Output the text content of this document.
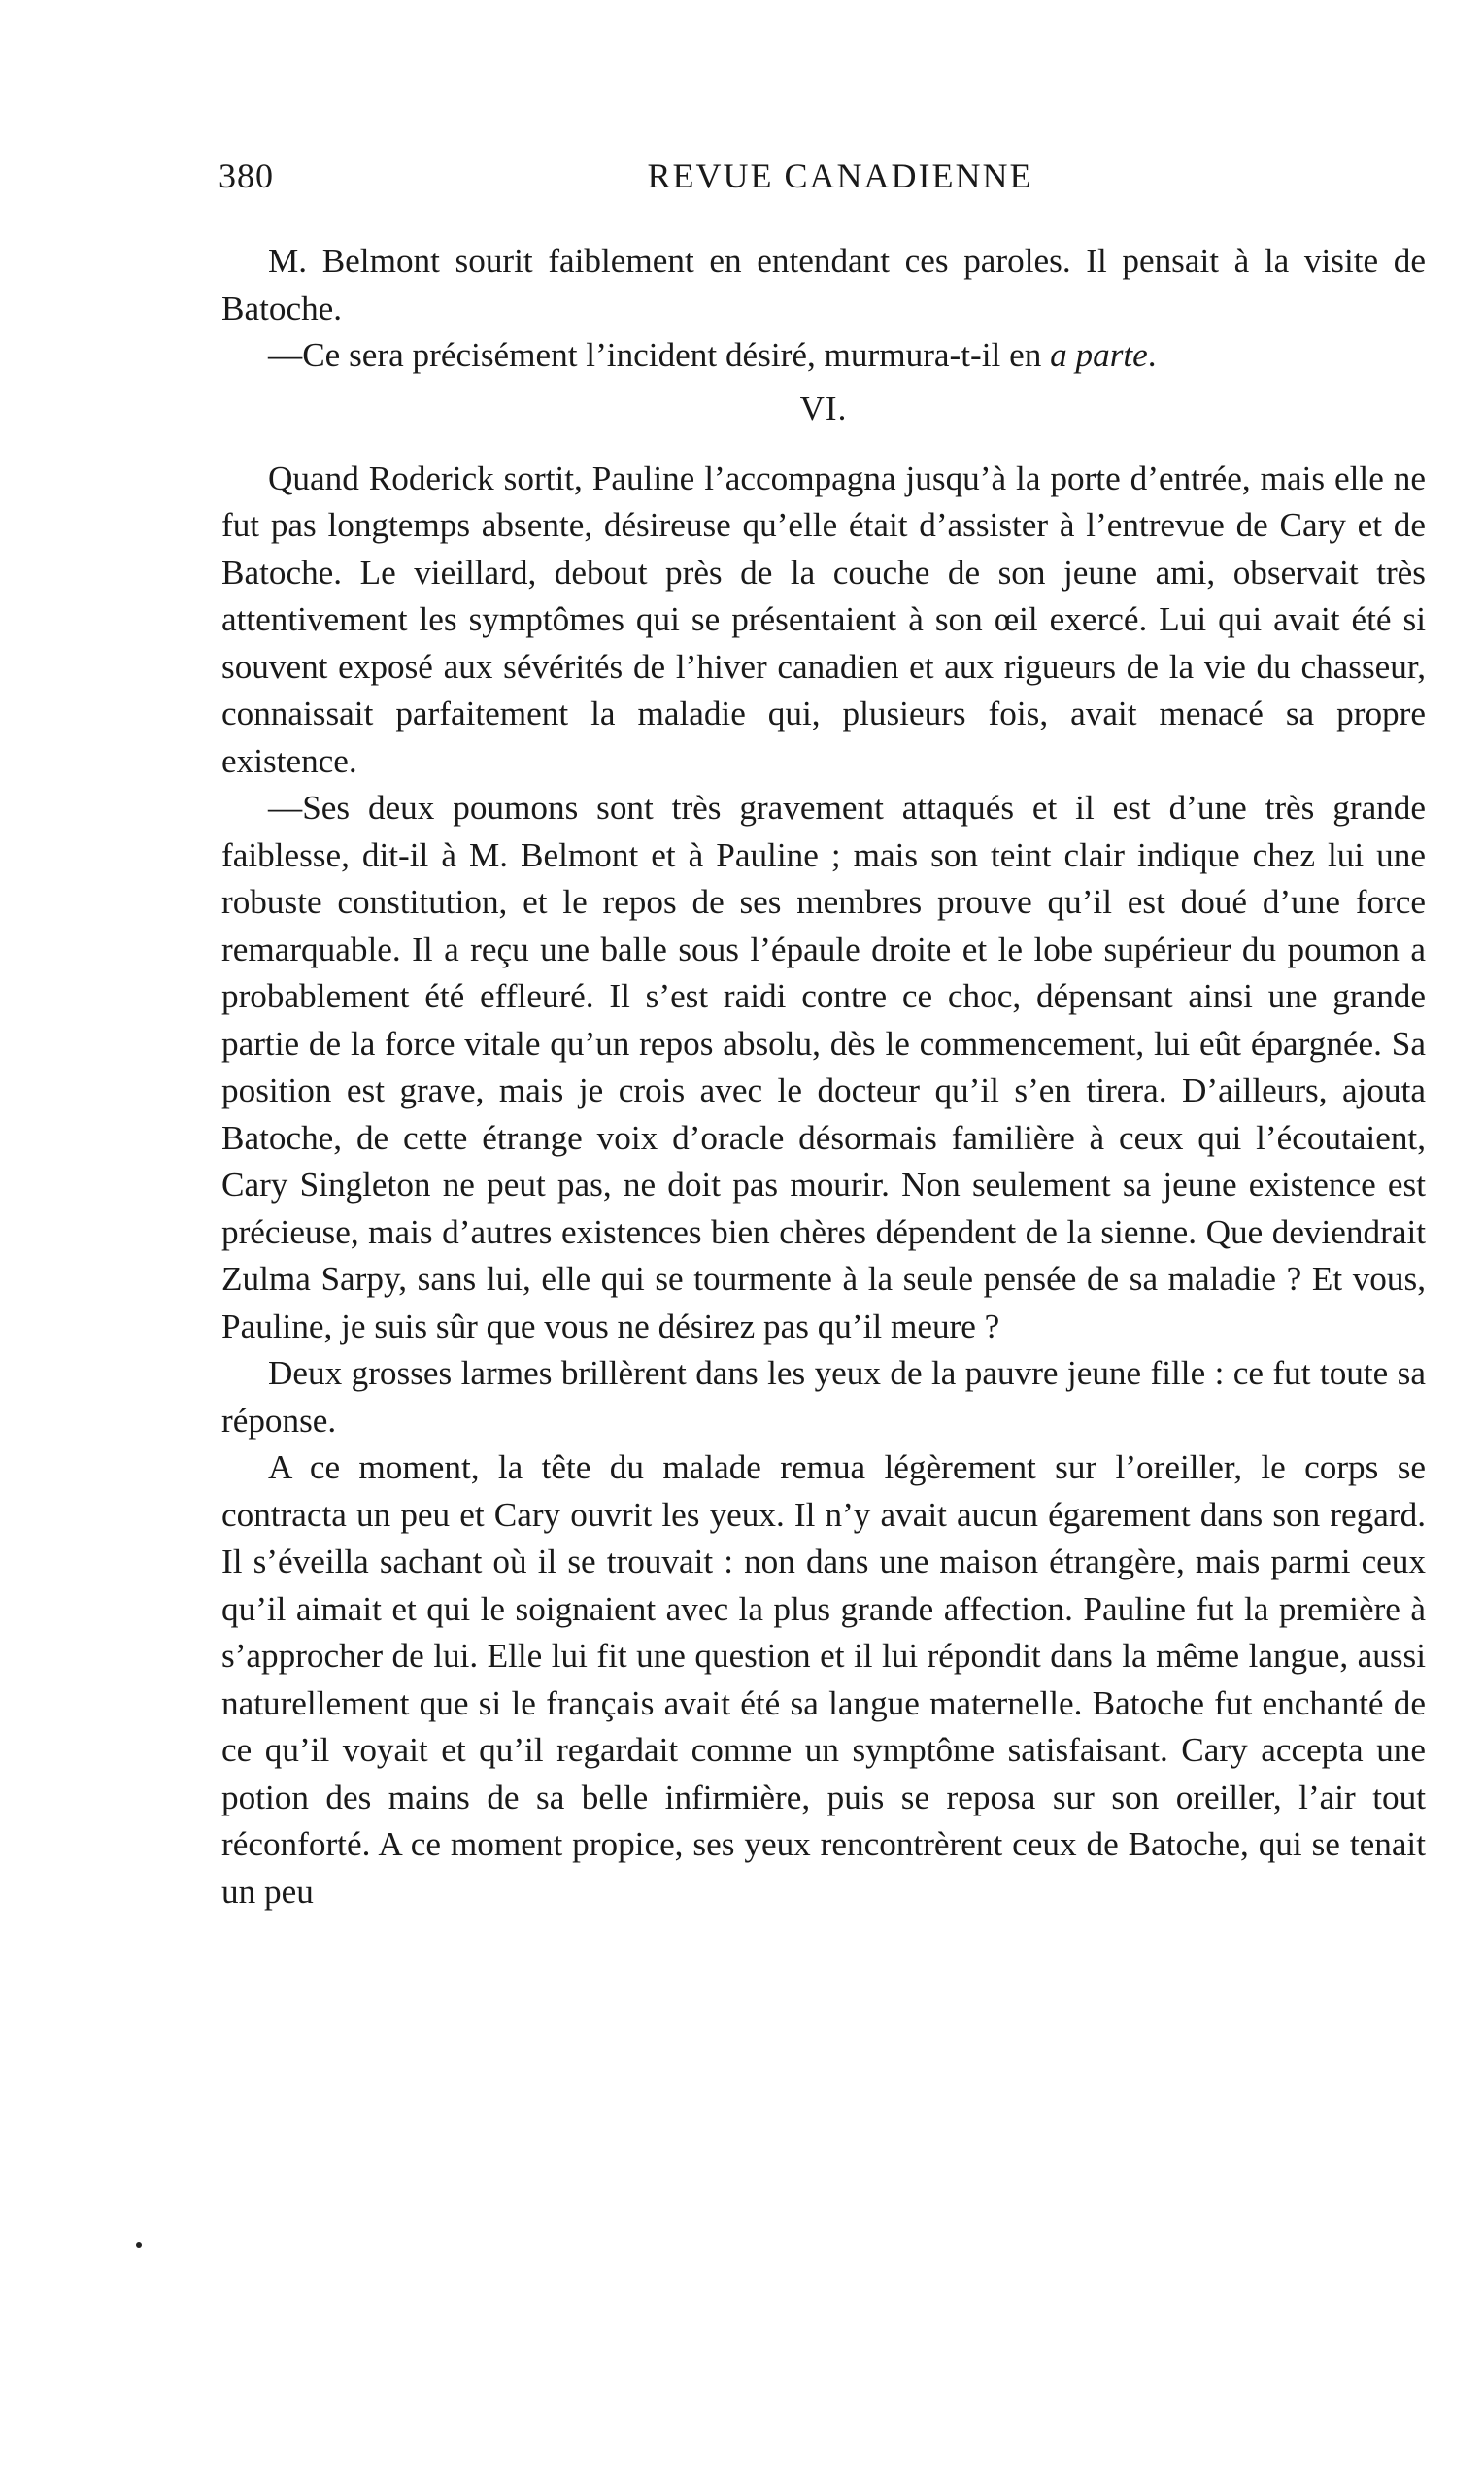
380	REVUE CANADIENNE

M. Belmont sourit faiblement en entendant ces paroles. Il pensait à la visite de Batoche.

—Ce sera précisément l’incident désiré, murmura-t-il en a parte.

VI.

Quand Roderick sortit, Pauline l’accompagna jusqu’à la porte d’entrée, mais elle ne fut pas longtemps absente, désireuse qu’elle était d’assister à l’entrevue de Cary et de Batoche. Le vieillard, debout près de la couche de son jeune ami, observait très attentivement les symptômes qui se présentaient à son œil exercé. Lui qui avait été si souvent exposé aux sévérités de l’hiver canadien et aux rigueurs de la vie du chasseur, connaissait parfaitement la maladie qui, plusieurs fois, avait menacé sa propre existence.

—Ses deux poumons sont très gravement attaqués et il est d’une très grande faiblesse, dit-il à M. Belmont et à Pauline ; mais son teint clair indique chez lui une robuste constitution, et le repos de ses membres prouve qu’il est doué d’une force remarquable. Il a reçu une balle sous l’épaule droite et le lobe supérieur du poumon a probablement été effleuré. Il s’est raidi contre ce choc, dépensant ainsi une grande partie de la force vitale qu’un repos absolu, dès le commencement, lui eût épargnée. Sa position est grave, mais je crois avec le docteur qu’il s’en tirera. D’ailleurs, ajouta Batoche, de cette étrange voix d’oracle désormais familière à ceux qui l’écoutaient, Cary Singleton ne peut pas, ne doit pas mourir. Non seulement sa jeune existence est précieuse, mais d’autres existences bien chères dépendent de la sienne. Que deviendrait Zulma Sarpy, sans lui, elle qui se tourmente à la seule pensée de sa maladie ? Et vous, Pauline, je suis sûr que vous ne désirez pas qu’il meure ?

Deux grosses larmes brillèrent dans les yeux de la pauvre jeune fille : ce fut toute sa réponse.

A ce moment, la tête du malade remua légèrement sur l’oreiller, le corps se contracta un peu et Cary ouvrit les yeux. Il n’y avait aucun égarement dans son regard. Il s’éveilla sachant où il se trouvait : non dans une maison étrangère, mais parmi ceux qu’il aimait et qui le soignaient avec la plus grande affection. Pauline fut la première à s’approcher de lui. Elle lui fit une question et il lui répondit dans la même langue, aussi naturellement que si le français avait été sa langue maternelle. Batoche fut enchanté de ce qu’il voyait et qu’il regardait comme un symptôme satisfaisant. Cary accepta une potion des mains de sa belle infirmière, puis se reposa sur son oreiller, l’air tout réconforté. A ce moment propice, ses yeux rencontrèrent ceux de Batoche, qui se tenait un peu
